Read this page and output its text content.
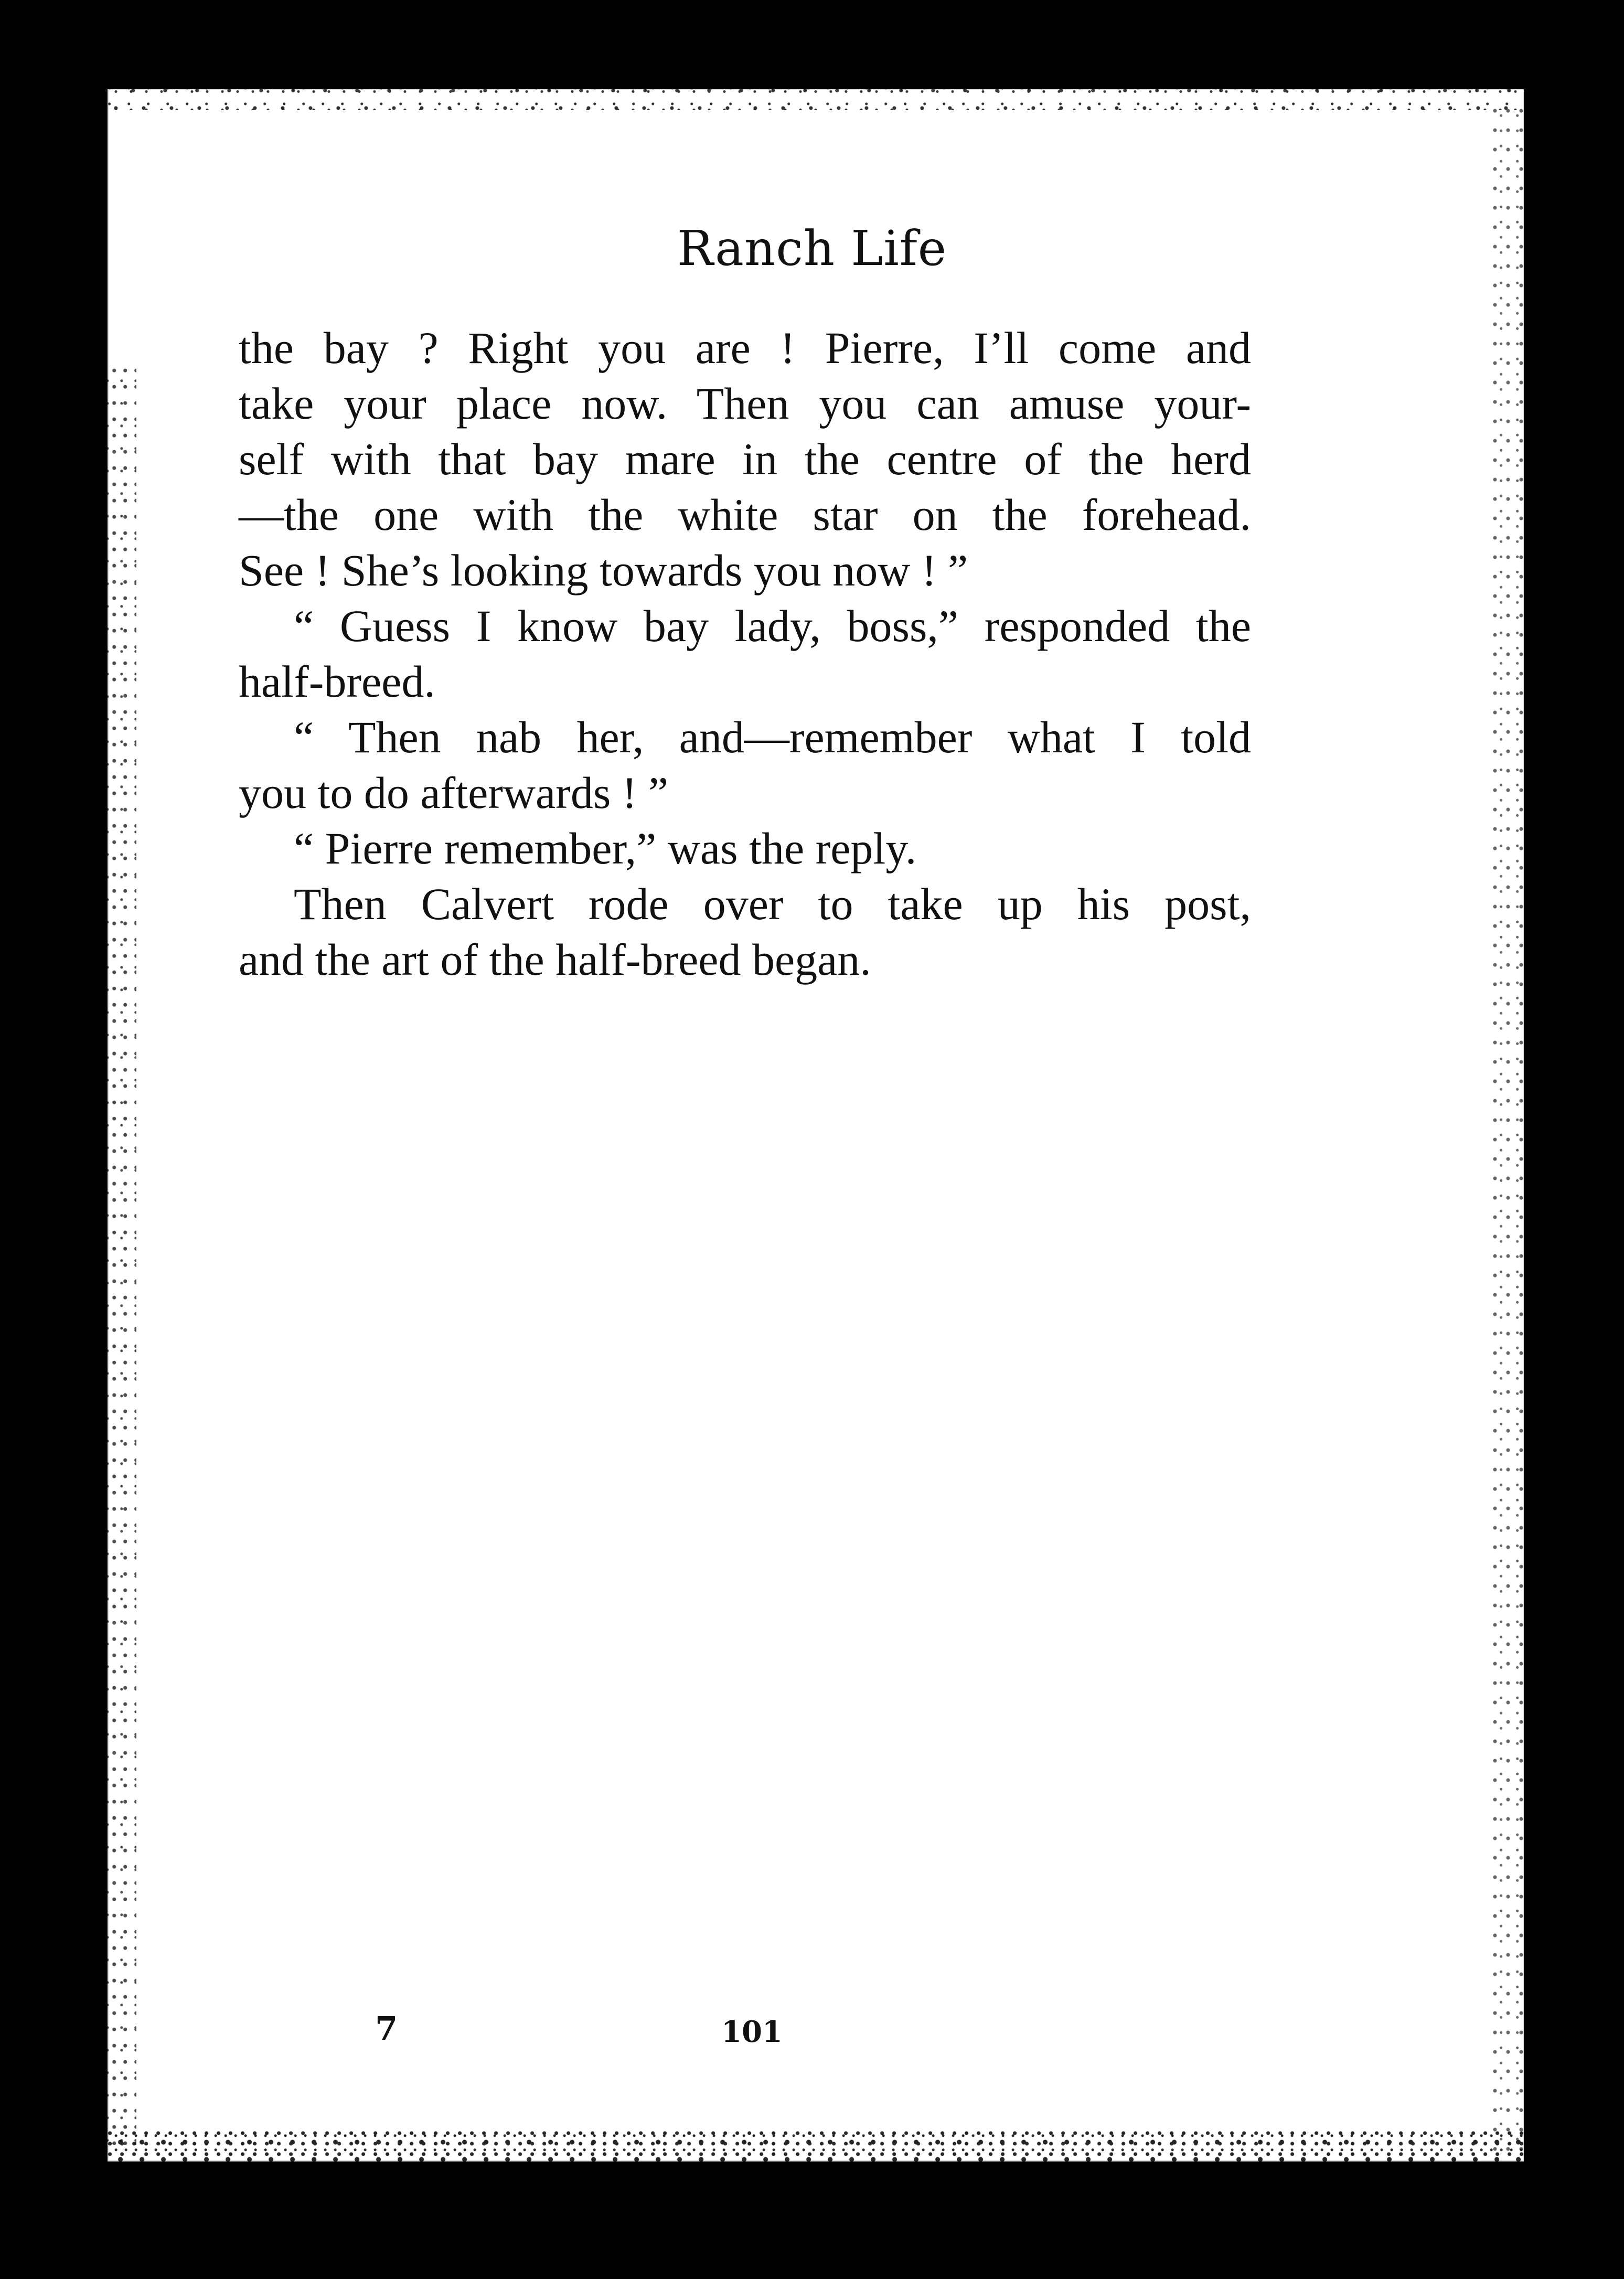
Ranch Life

the bay ? Right you are ! Pierre, I’ll come and
take your place now. Then you can amuse your-
self with that bay mare in the centre of the herd
—the one with the white star on the forehead.
See ! She’s looking towards you now ! ”

“ Guess I know bay lady, boss,” responded the
half-breed.

“ Then nab her, and—remember what I told
you to do afterwards ! ”

“ Pierre remember,” was the reply.

Then Calvert rode over to take up his post,
and the art of the half-breed began.

7	101
